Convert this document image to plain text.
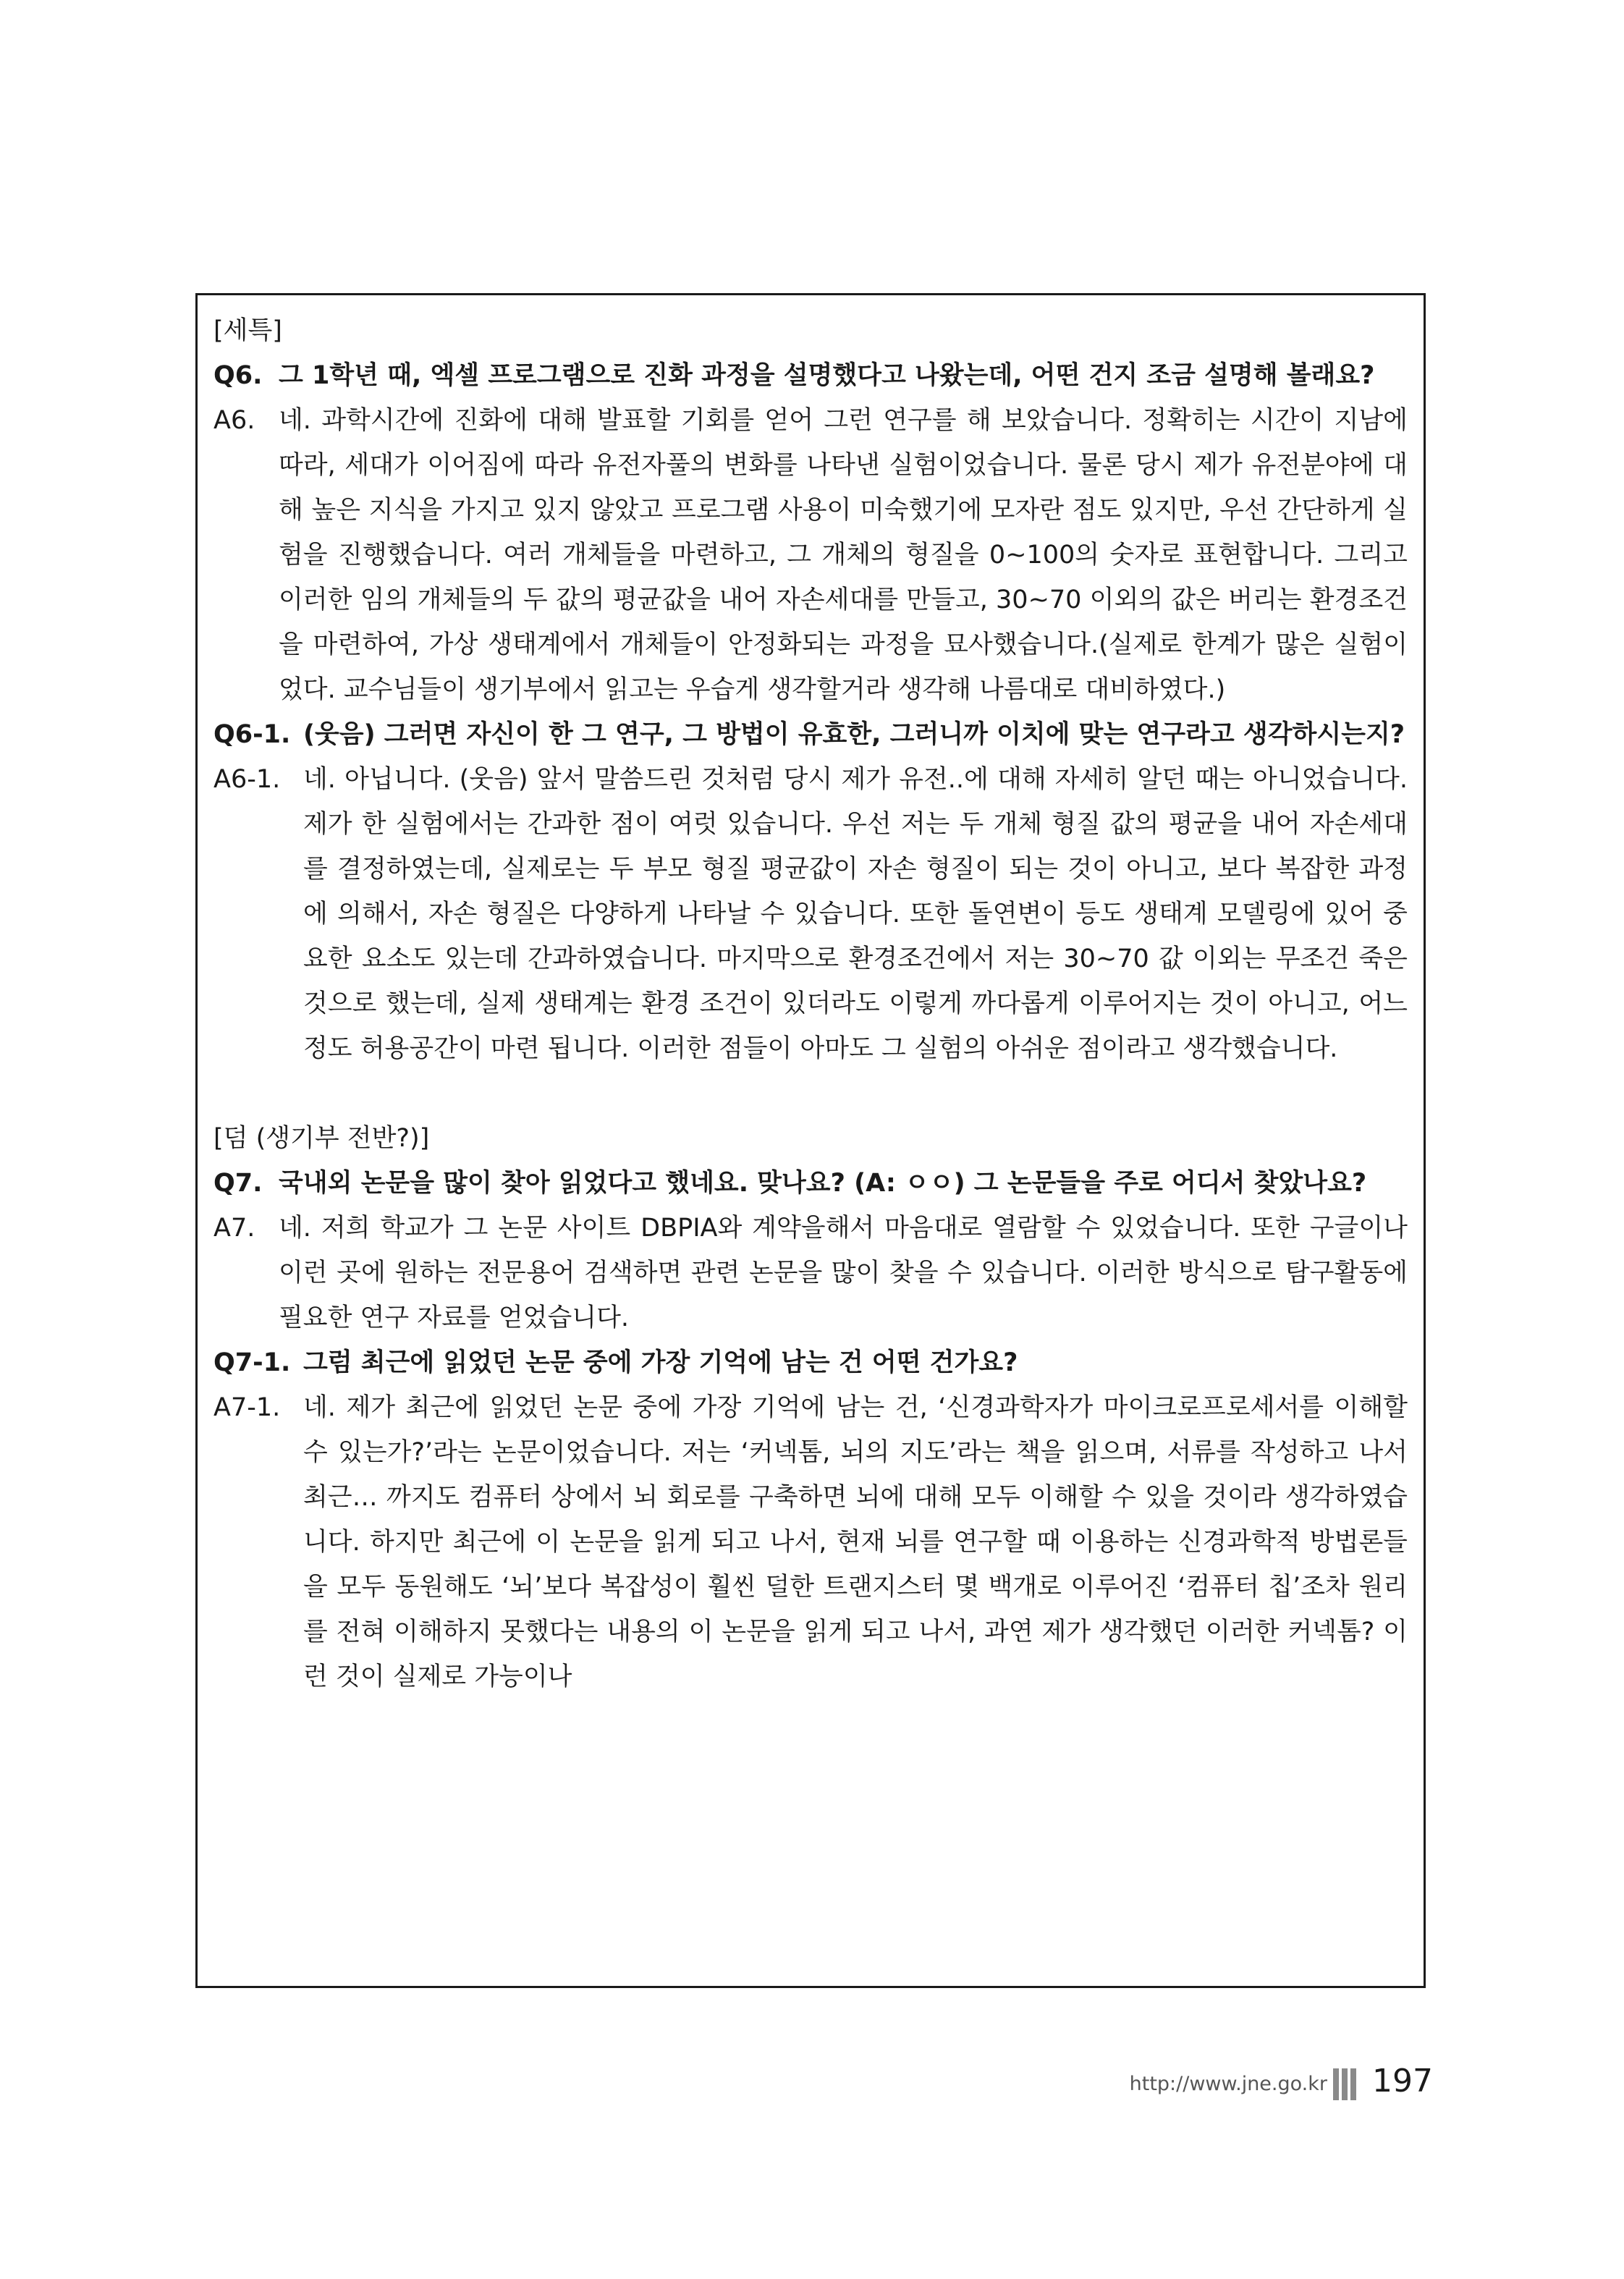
[세특]
Q6. 그 1학년 때, 엑셀 프로그램으로 진화 과정을 설명했다고 나왔는데, 어떤 건지 조금 설명해 볼래요?
A6. 네. 과학시간에 진화에 대해 발표할 기회를 얻어 그런 연구를 해 보았습니다. 정확히는 시간이 지남에 따라, 세대가 이어짐에 따라 유전자풀의 변화를 나타낸 실험이었습니다. 물론 당시 제가 유전분야에 대해 높은 지식을 가지고 있지 않았고 프로그램 사용이 미숙했기에 모자란 점도 있지만, 우선 간단하게 실험을 진행했습니다. 여러 개체들을 마련하고, 그 개체의 형질을 0~100의 숫자로 표현합니다. 그리고 이러한 임의 개체들의 두 값의 평균값을 내어 자손세대를 만들고, 30~70 이외의 값은 버리는 환경조건을 마련하여, 가상 생태계에서 개체들이 안정화되는 과정을 묘사했습니다.(실제로 한계가 많은 실험이었다. 교수님들이 생기부에서 읽고는 우습게 생각할거라 생각해 나름대로 대비하였다.)
Q6-1. (웃음) 그러면 자신이 한 그 연구, 그 방법이 유효한, 그러니까 이치에 맞는 연구라고 생각하시는지?
A6-1. 네. 아닙니다. (웃음) 앞서 말씀드린 것처럼 당시 제가 유전..에 대해 자세히 알던 때는 아니었습니다. 제가 한 실험에서는 간과한 점이 여럿 있습니다. 우선 저는 두 개체 형질 값의 평균을 내어 자손세대를 결정하였는데, 실제로는 두 부모 형질 평균값이 자손 형질이 되는 것이 아니고, 보다 복잡한 과정에 의해서, 자손 형질은 다양하게 나타날 수 있습니다. 또한 돌연변이 등도 생태계 모델링에 있어 중요한 요소도 있는데 간과하였습니다. 마지막으로 환경조건에서 저는 30~70 값 이외는 무조건 죽은 것으로 했는데, 실제 생태계는 환경 조건이 있더라도 이렇게 까다롭게 이루어지는 것이 아니고, 어느 정도 허용공간이 마련 됩니다. 이러한 점들이 아마도 그 실험의 아쉬운 점이라고 생각했습니다.
[덤 (생기부 전반?)]
Q7. 국내외 논문을 많이 찾아 읽었다고 했네요. 맞나요? (A: ㅇㅇ) 그 논문들을 주로 어디서 찾았나요?
A7. 네. 저희 학교가 그 논문 사이트 DBPIA와 계약을해서 마음대로 열람할 수 있었습니다. 또한 구글이나 이런 곳에 원하는 전문용어 검색하면 관련 논문을 많이 찾을 수 있습니다. 이러한 방식으로 탐구활동에 필요한 연구 자료를 얻었습니다.
Q7-1. 그럼 최근에 읽었던 논문 중에 가장 기억에 남는 건 어떤 건가요?
A7-1. 네. 제가 최근에 읽었던 논문 중에 가장 기억에 남는 건, ‘신경과학자가 마이크로프로세서를 이해할 수 있는가?’라는 논문이었습니다. 저는 ‘커넥톰, 뇌의 지도’라는 책을 읽으며, 서류를 작성하고 나서 최근… 까지도 컴퓨터 상에서 뇌 회로를 구축하면 뇌에 대해 모두 이해할 수 있을 것이라 생각하였습니다. 하지만 최근에 이 논문을 읽게 되고 나서, 현재 뇌를 연구할 때 이용하는 신경과학적 방법론들을 모두 동원해도 ‘뇌’보다 복잡성이 훨씬 덜한 트랜지스터 몇 백개로 이루어진 ‘컴퓨터 칩’조차 원리를 전혀 이해하지 못했다는 내용의 이 논문을 읽게 되고 나서, 과연 제가 생각했던 이러한 커넥톰? 이런 것이 실제로 가능이나
http://www.jne.go.kr 197
